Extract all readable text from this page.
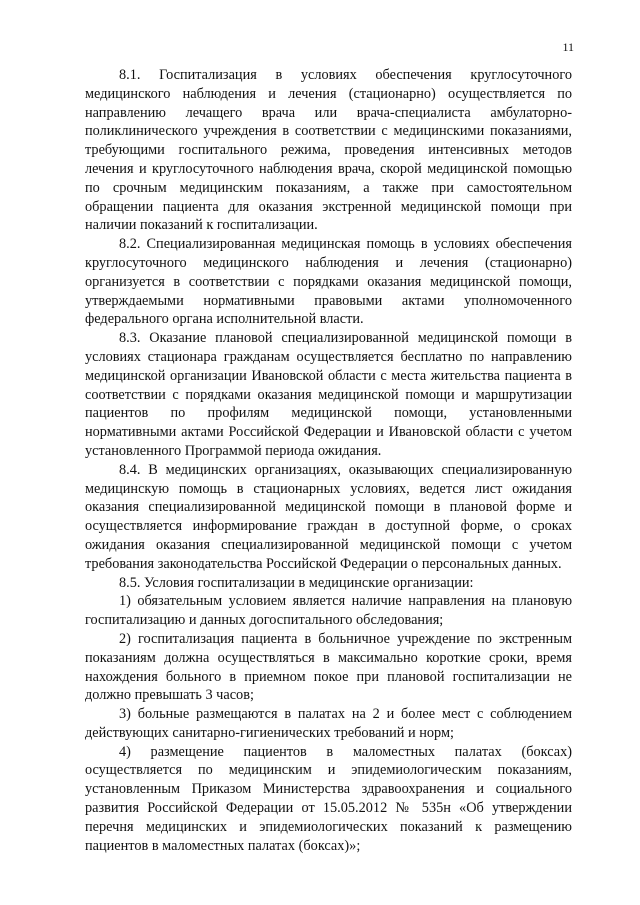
11

8.1. Госпитализация в условиях обеспечения круглосуточного медицинского наблюдения и лечения (стационарно) осуществляется по направлению лечащего врача или врача-специалиста амбулаторно-поликлинического учреждения в соответствии с медицинскими показаниями, требующими госпитального режима, проведения интенсивных методов лечения и круглосуточного наблюдения врача, скорой медицинской помощью по срочным медицинским показаниям, а также при самостоятельном обращении пациента для оказания экстренной медицинской помощи при наличии показаний к госпитализации.

8.2. Специализированная медицинская помощь в условиях обеспечения круглосуточного медицинского наблюдения и лечения (стационарно) организуется в соответствии с порядками оказания медицинской помощи, утверждаемыми нормативными правовыми актами уполномоченного федерального органа исполнительной власти.

8.3. Оказание плановой специализированной медицинской помощи в условиях стационара гражданам осуществляется бесплатно по направлению медицинской организации Ивановской области с места жительства пациента в соответствии с порядками оказания медицинской помощи и маршрутизации пациентов по профилям медицинской помощи, установленными нормативными актами Российской Федерации и Ивановской области с учетом установленного Программой периода ожидания.

8.4. В медицинских организациях, оказывающих специализированную медицинскую помощь в стационарных условиях, ведется лист ожидания оказания специализированной медицинской помощи в плановой форме и осуществляется информирование граждан в доступной форме, о сроках ожидания оказания специализированной медицинской помощи с учетом требования законодательства Российской Федерации о персональных данных.

8.5. Условия госпитализации в медицинские организации:

1) обязательным условием является наличие направления на плановую госпитализацию и данных догоспитального обследования;

2) госпитализация пациента в больничное учреждение по экстренным показаниям должна осуществляться в максимально короткие сроки, время нахождения больного в приемном покое при плановой госпитализации не должно превышать 3 часов;

3) больные размещаются в палатах на 2 и более мест с соблюдением действующих санитарно-гигиенических требований и норм;

4) размещение пациентов в маломестных палатах (боксах) осуществляется по медицинским и эпидемиологическим показаниям, установленным Приказом Министерства здравоохранения и социального развития Российской Федерации от 15.05.2012 № 535н «Об утверждении перечня медицинских и эпидемиологических показаний к размещению пациентов в маломестных палатах (боксах)»;
